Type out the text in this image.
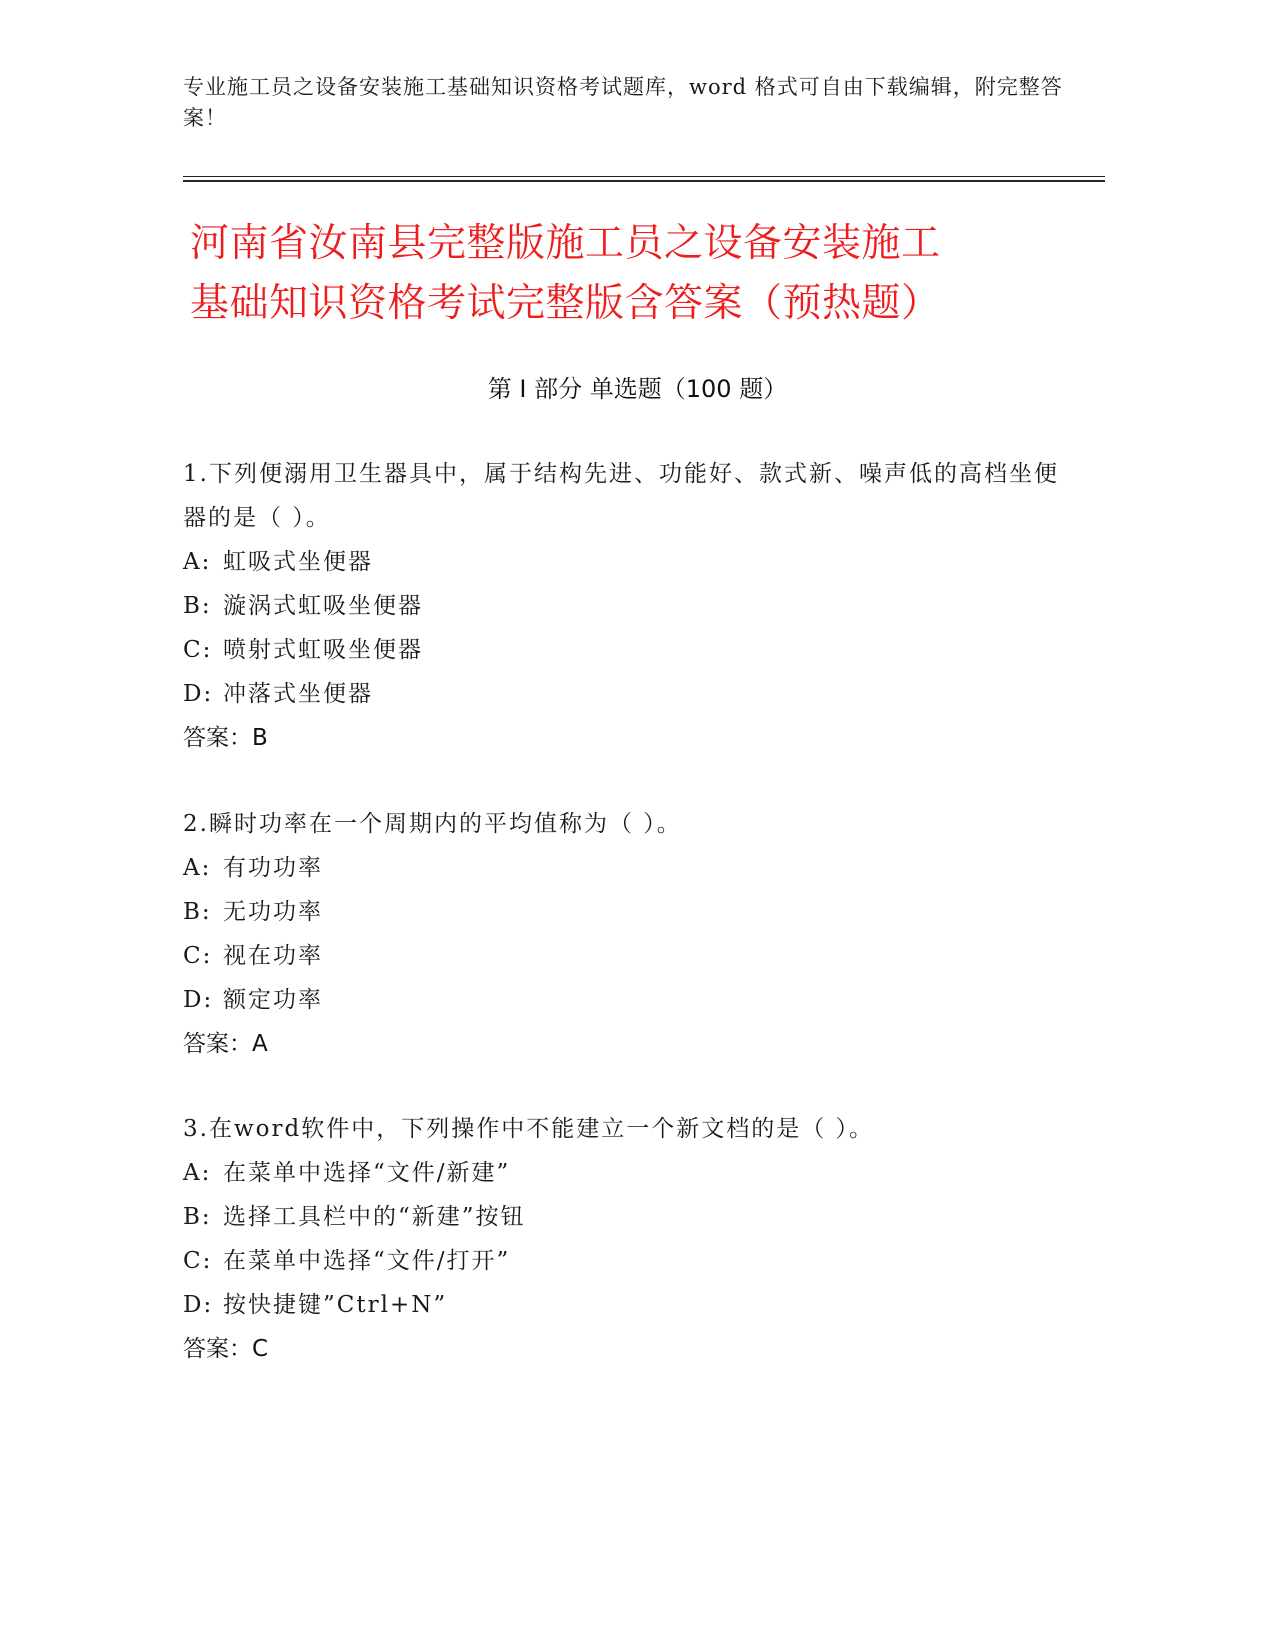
专业施工员之设备安装施工基础知识资格考试题库，word 格式可自由下载编辑，附完整答案！
河南省汝南县完整版施工员之设备安装施工
基础知识资格考试完整版含答案（预热题）
第 I 部分 单选题（100 题）

1.下列便溺用卫生器具中，属于结构先进、功能好、款式新、噪声低的高档坐便器的是（ ）。

A: 虹吸式坐便器

B: 漩涡式虹吸坐便器

C: 喷射式虹吸坐便器

D: 冲落式坐便器

答案：B

2.瞬时功率在一个周期内的平均值称为（ ）。

A: 有功功率

B: 无功功率

C: 视在功率

D: 额定功率

答案：A

3.在word软件中，下列操作中不能建立一个新文档的是（ ）。

A: 在菜单中选择“文件/新建”

B: 选择工具栏中的“新建”按钮

C: 在菜单中选择“文件/打开”

D: 按快捷键”Ctrl+N”

答案：C
